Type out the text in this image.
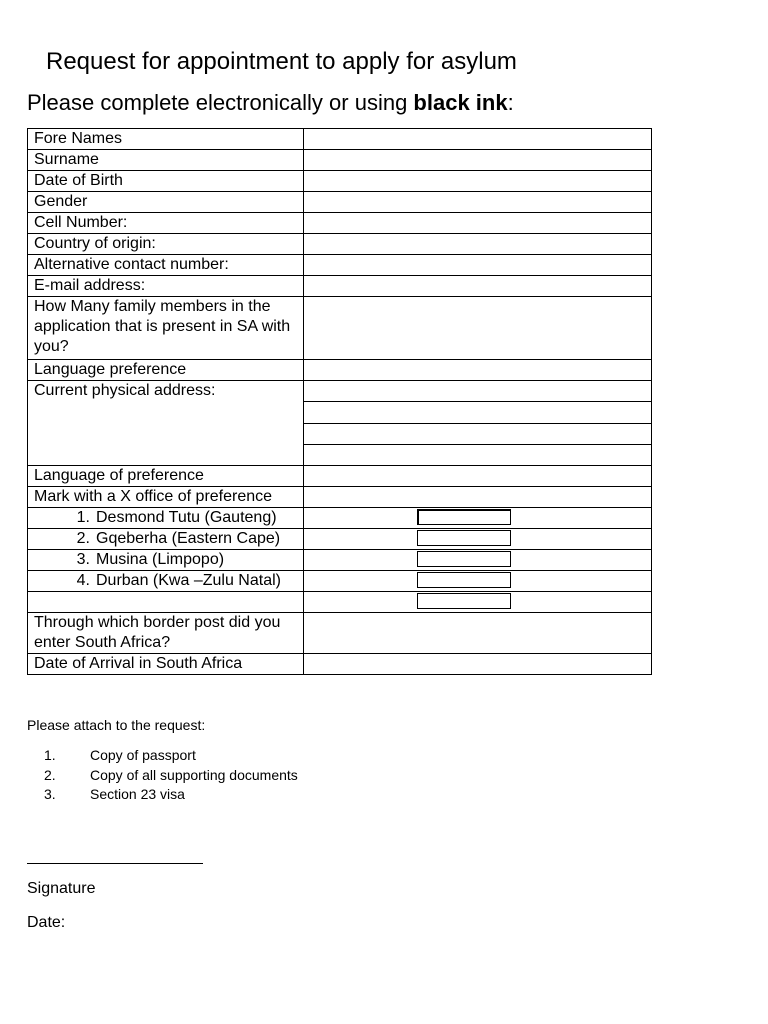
Request for appointment to apply for asylum
Please complete electronically or using black ink:
Fore Names	
Surname	
Date of Birth	
Gender	
Cell Number:	
Country of origin:	
Alternative contact number:	
E-mail address:	
How Many family members in the application that is present in SA with you?	
Language preference	
Current physical address:	

Language of preference	
Mark with a X office of preference	
1. Desmond Tutu (Gauteng)	

2. Gqeberha (Eastern Cape)	

3. Musina (Limpopo)	

4. Durban (Kwa –Zulu Natal)	

Through which border post did you enter South Africa?	
Date of Arrival in South Africa	
Please attach to the request:
1. Copy of passport
2. Copy of all supporting documents
3. Section 23 visa
Signature
Date:
